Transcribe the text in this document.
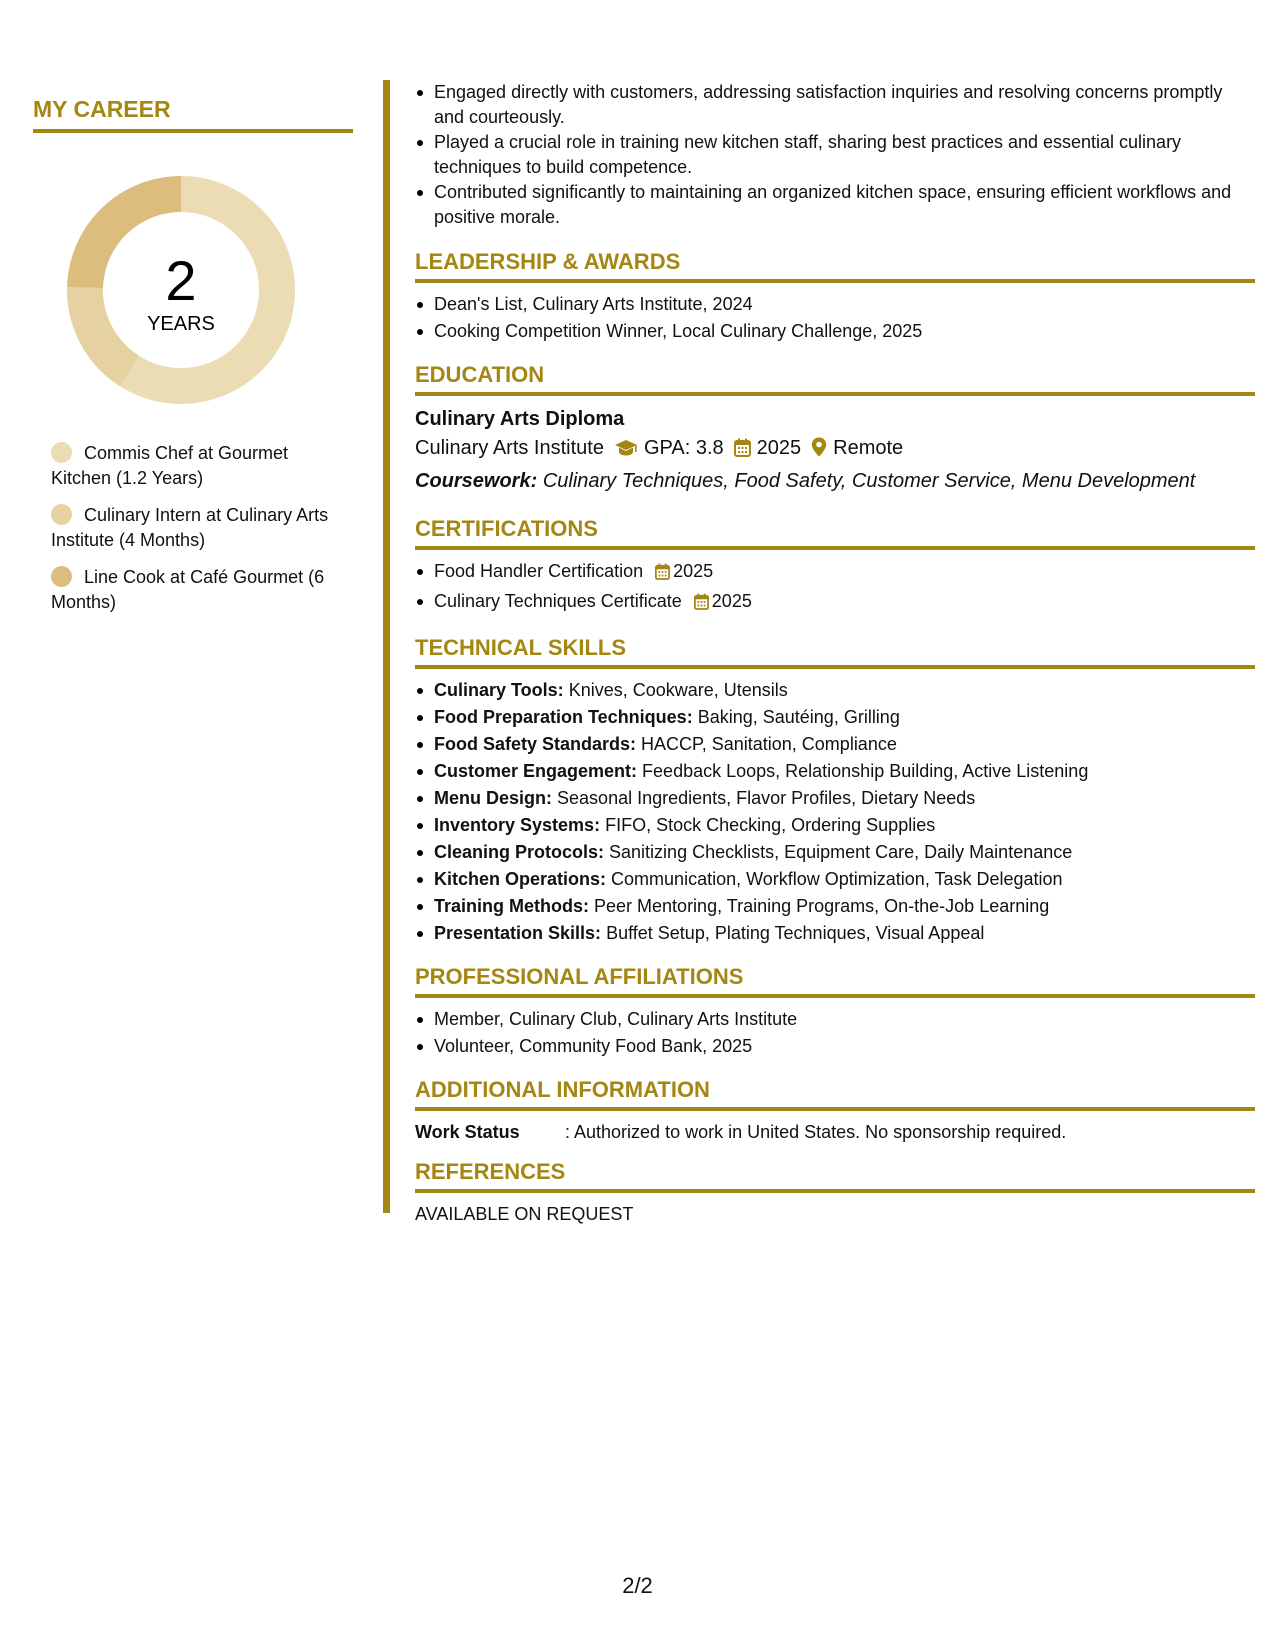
MY CAREER
2
YEARS
Commis Chef at Gourmet Kitchen (1.2 Years)
Culinary Intern at Culinary Arts Institute (4 Months)
Line Cook at Café Gourmet (6 Months)
Engaged directly with customers, addressing satisfaction inquiries and resolving concerns promptly and courteously.
Played a crucial role in training new kitchen staff, sharing best practices and essential culinary techniques to build competence.
Contributed significantly to maintaining an organized kitchen space, ensuring efficient workflows and positive morale.
LEADERSHIP & AWARDS
Dean's List, Culinary Arts Institute, 2024
Cooking Competition Winner, Local Culinary Challenge, 2025
EDUCATION
Culinary Arts Diploma
Culinary Arts Institute GPA: 3.8 2025 Remote
Coursework: Culinary Techniques, Food Safety, Customer Service, Menu Development
CERTIFICATIONS
Food Handler Certification 2025
Culinary Techniques Certificate 2025
TECHNICAL SKILLS
Culinary Tools: Knives, Cookware, Utensils
Food Preparation Techniques: Baking, Sautéing, Grilling
Food Safety Standards: HACCP, Sanitation, Compliance
Customer Engagement: Feedback Loops, Relationship Building, Active Listening
Menu Design: Seasonal Ingredients, Flavor Profiles, Dietary Needs
Inventory Systems: FIFO, Stock Checking, Ordering Supplies
Cleaning Protocols: Sanitizing Checklists, Equipment Care, Daily Maintenance
Kitchen Operations: Communication, Workflow Optimization, Task Delegation
Training Methods: Peer Mentoring, Training Programs, On-the-Job Learning
Presentation Skills: Buffet Setup, Plating Techniques, Visual Appeal
PROFESSIONAL AFFILIATIONS
Member, Culinary Club, Culinary Arts Institute
Volunteer, Community Food Bank, 2025
ADDITIONAL INFORMATION
Work Status	: Authorized to work in United States. No sponsorship required.
REFERENCES
AVAILABLE ON REQUEST
2/2
